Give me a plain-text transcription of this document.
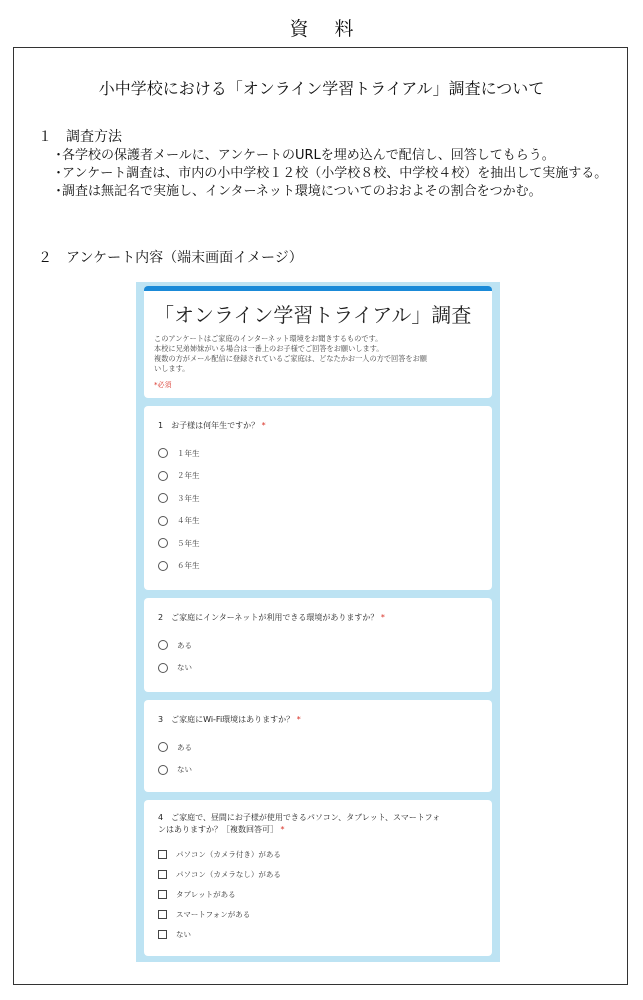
資料
小中学校における「オンライン学習トライアル」調査について
１　調査方法
・
各学校の保護者メールに、アンケートのURLを埋め込んで配信し、回答してもらう。
・
アンケート調査は、市内の小中学校１２校（小学校８校、中学校４校）を抽出して実施する。
・
調査は無記名で実施し、インターネット環境についてのおおよその割合をつかむ。
２　アンケート内容（端末画面イメージ）
「オンライン学習トライアル」調査
このアンケートはご家庭のインターネット環境をお聞きするものです。
本校に兄弟姉妹がいる場合は一番上のお子様でご回答をお願いします。
複数の方がメール配信に登録されているご家庭は、どなたかお一人の方で回答をお願
いします。
*必須
1　お子様は何年生ですか？ *
１年生
２年生
３年生
４年生
５年生
６年生
2　ご家庭にインターネットが利用できる環境がありますか？ *
ある
ない
3　ご家庭にWi-Fi環境はありますか？ *
ある
ない
4　ご家庭で、昼間にお子様が使用できるパソコン、タブレット、スマートフォ
ンはありますか？［複数回答可］ *
パソコン（カメラ付き）がある
パソコン（カメラなし）がある
タブレットがある
スマートフォンがある
ない
